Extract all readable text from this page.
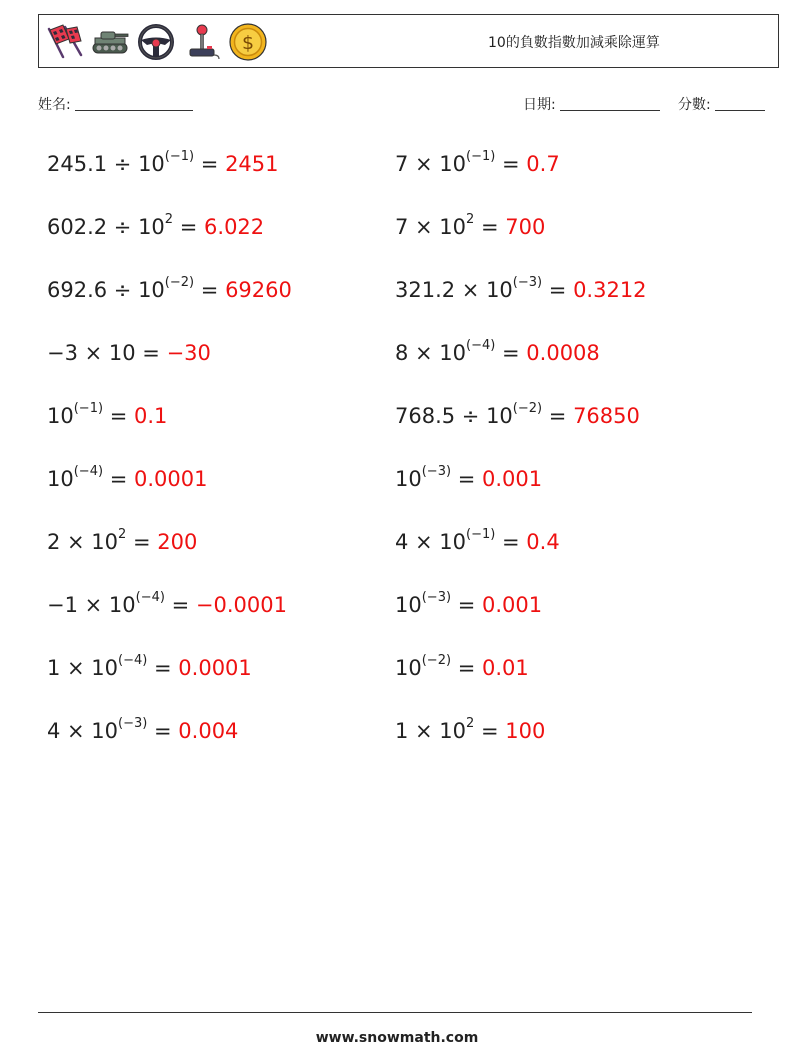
$	10的負數指數加減乘除運算
姓名:	日期:	分數:
$245.1 \div 10^{(-1)} = 2451$
$602.2 \div 10^2 = 6.022$
$692.6 \div 10^{(-2)} = 69260$
−3 × 10 = −30
$10^{(-1)} = 0.1$
$10^{(-4)} = 0.0001$
$2 \times 10^2 = 200$
$-1 \times 10^{(-4)} = -0.0001$
$1 \times 10^{(-4)} = 0.0001$
$4 \times 10^{(-3)} = 0.004$
$7 \times 10^{(-1)} = 0.7$
$7 \times 10^2 = 700$
$321.2 \times 10^{(-3)} = 0.3212$
$8 \times 10^{(-4)} = 0.0008$
$768.5 \div 10^{(-2)} = 76850$
$10^{(-3)} = 0.001$
$4 \times 10^{(-1)} = 0.4$
$10^{(-3)} = 0.001$
$10^{(-2)} = 0.01$
$1 \times 10^2 = 100$
www.snowmath.com
